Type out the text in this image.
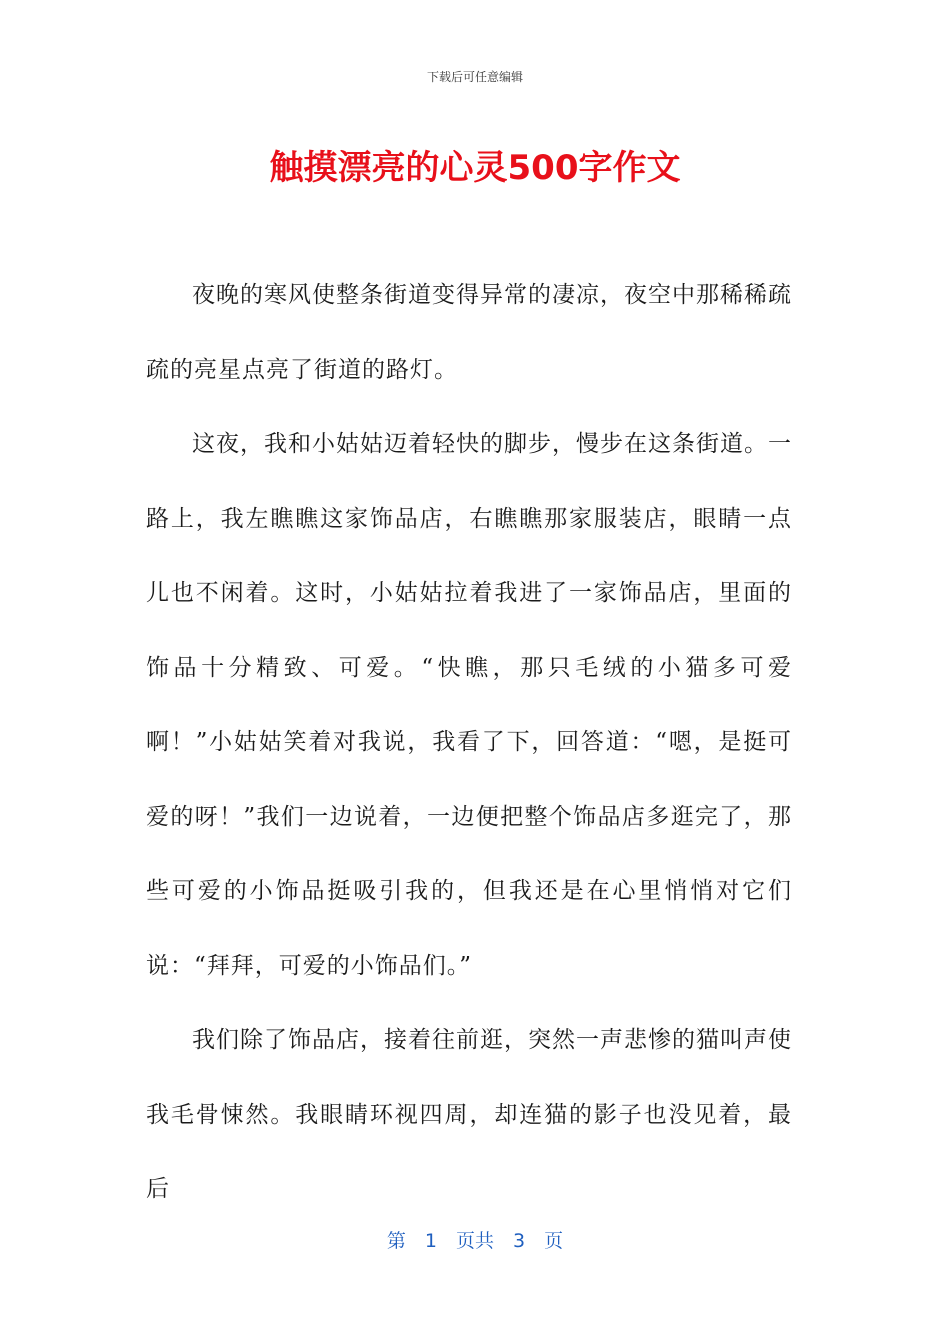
下载后可任意编辑
触摸漂亮的心灵500字作文

夜晚的寒风使整条街道变得异常的凄凉，夜空中那稀稀疏疏的亮星点亮了街道的路灯。

这夜，我和小姑姑迈着轻快的脚步，慢步在这条街道。一路上，我左瞧瞧这家饰品店，右瞧瞧那家服装店，眼睛一点儿也不闲着。这时，小姑姑拉着我进了一家饰品店，里面的饰品十分精致、可爱。“快瞧，那只毛绒的小猫多可爱啊！”小姑姑笑着对我说，我看了下，回答道：“嗯，是挺可爱的呀！”我们一边说着，一边便把整个饰品店多逛完了，那些可爱的小饰品挺吸引我的，但我还是在心里悄悄对它们说：“拜拜，可爱的小饰品们。”

我们除了饰品店，接着往前逛，突然一声悲惨的猫叫声使我毛骨悚然。我眼睛环视四周，却连猫的影子也没见着，最后

第　1　页共　3　页
